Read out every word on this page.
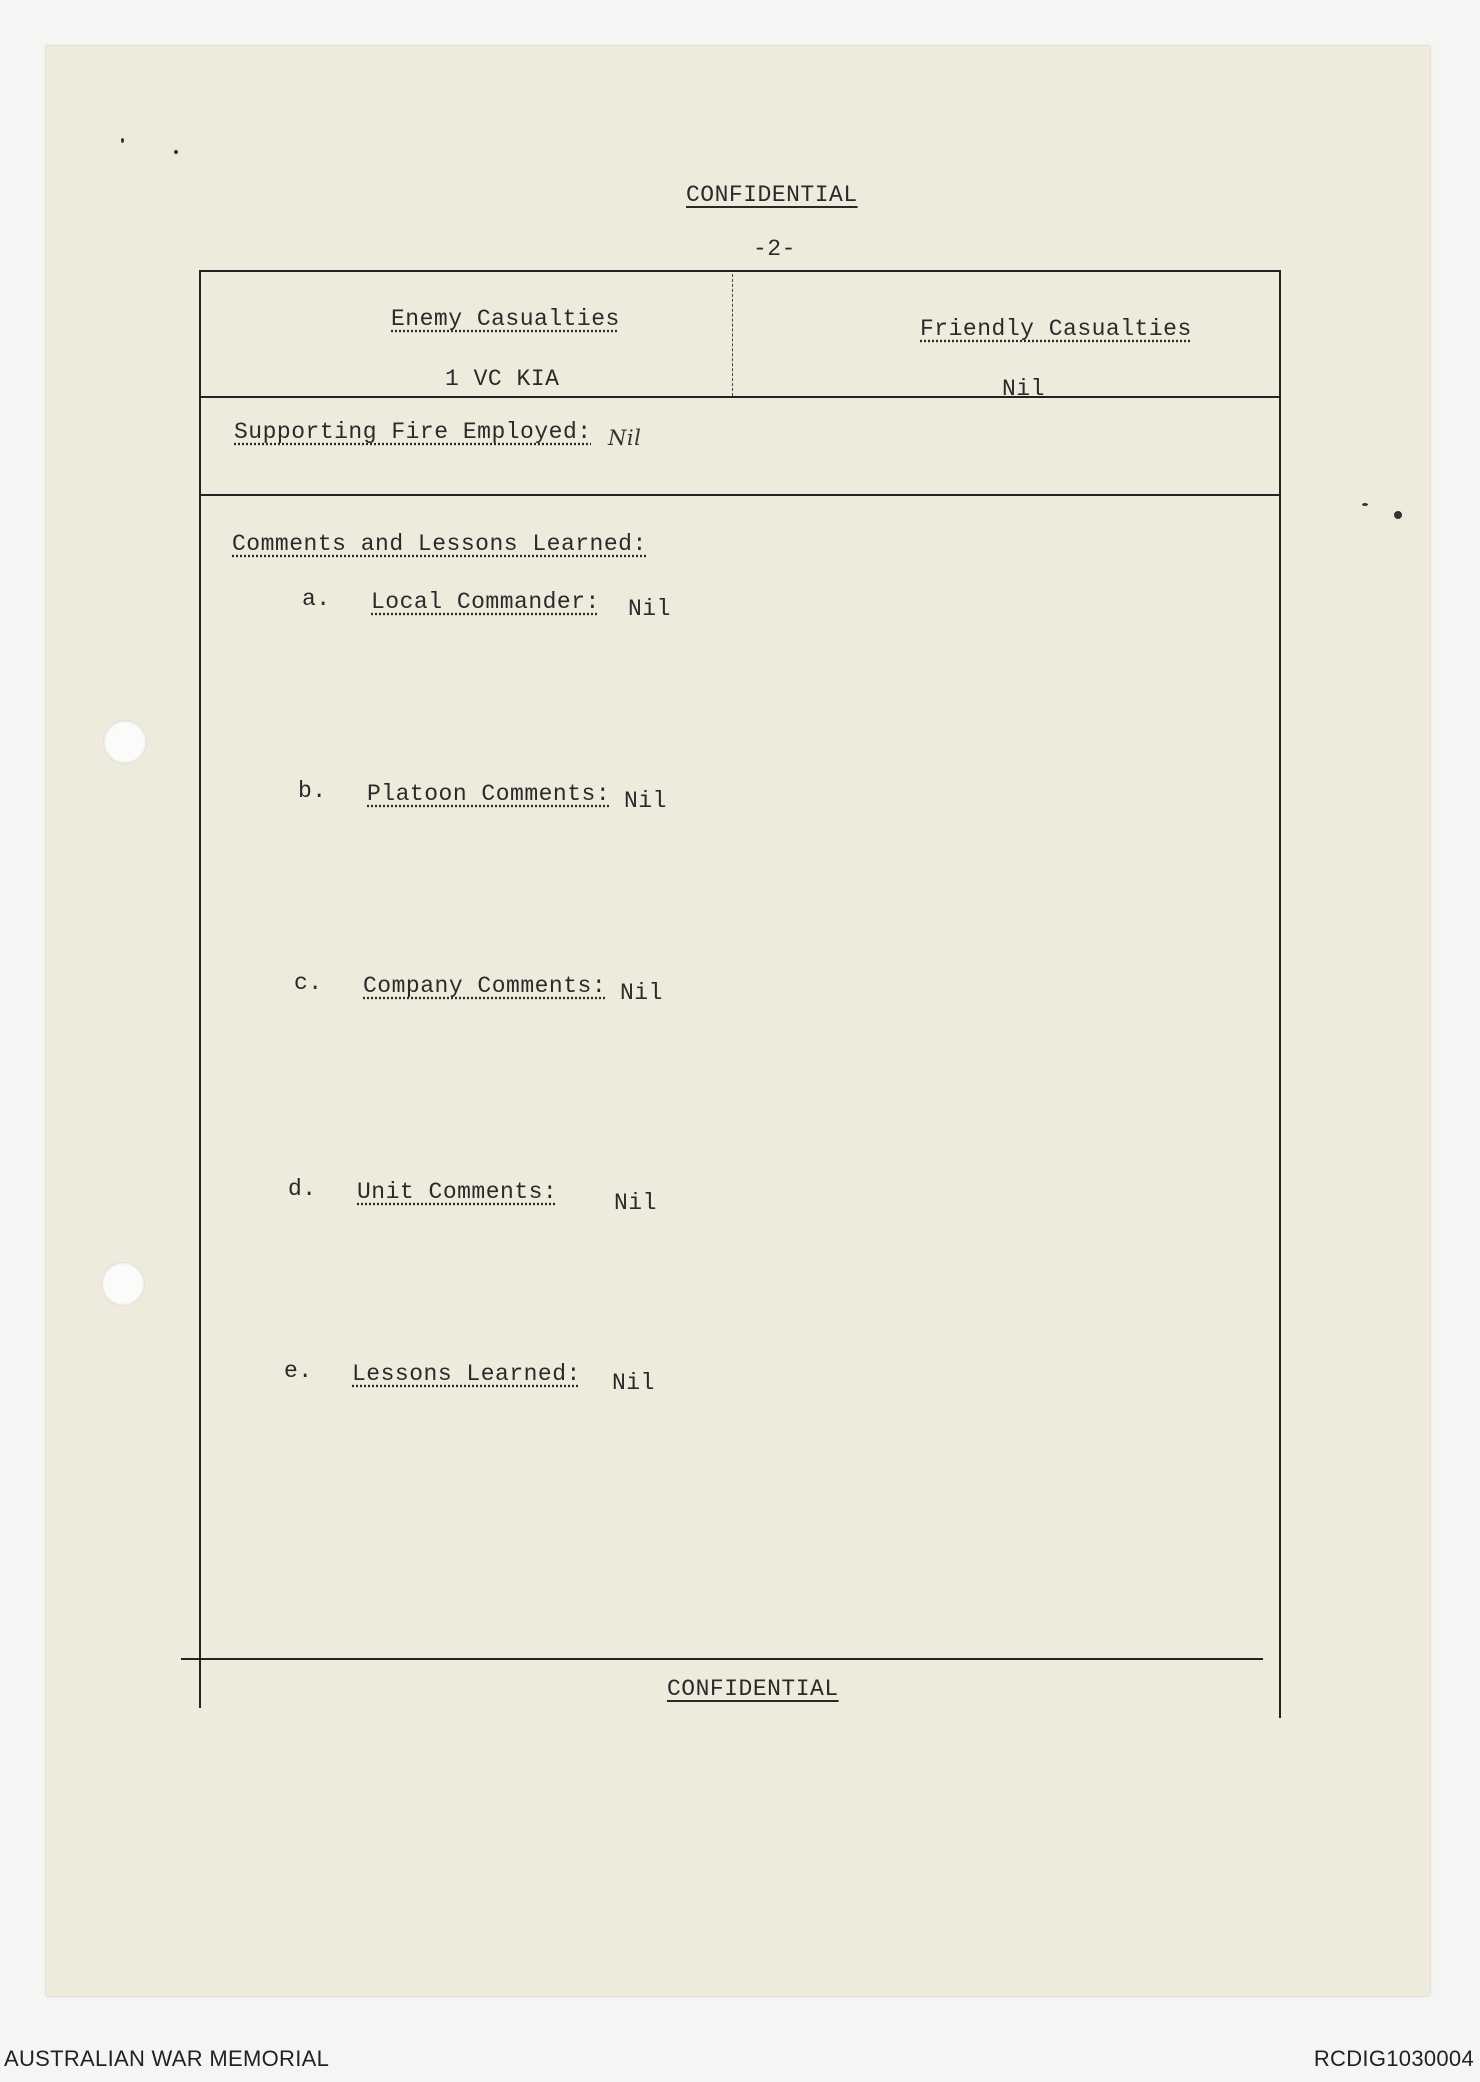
CONFIDENTIAL
-2-
Enemy Casualties
1 VC KIA
Friendly Casualties
Nil
Supporting Fire Employed: Nil
Comments and Lessons Learned:
a. Local Commander: Nil
b. Platoon Comments: Nil
c. Company Comments: Nil
d. Unit Comments: Nil
e. Lessons Learned: Nil
CONFIDENTIAL
AUSTRALIAN WAR MEMORIAL	RCDIG1030004
